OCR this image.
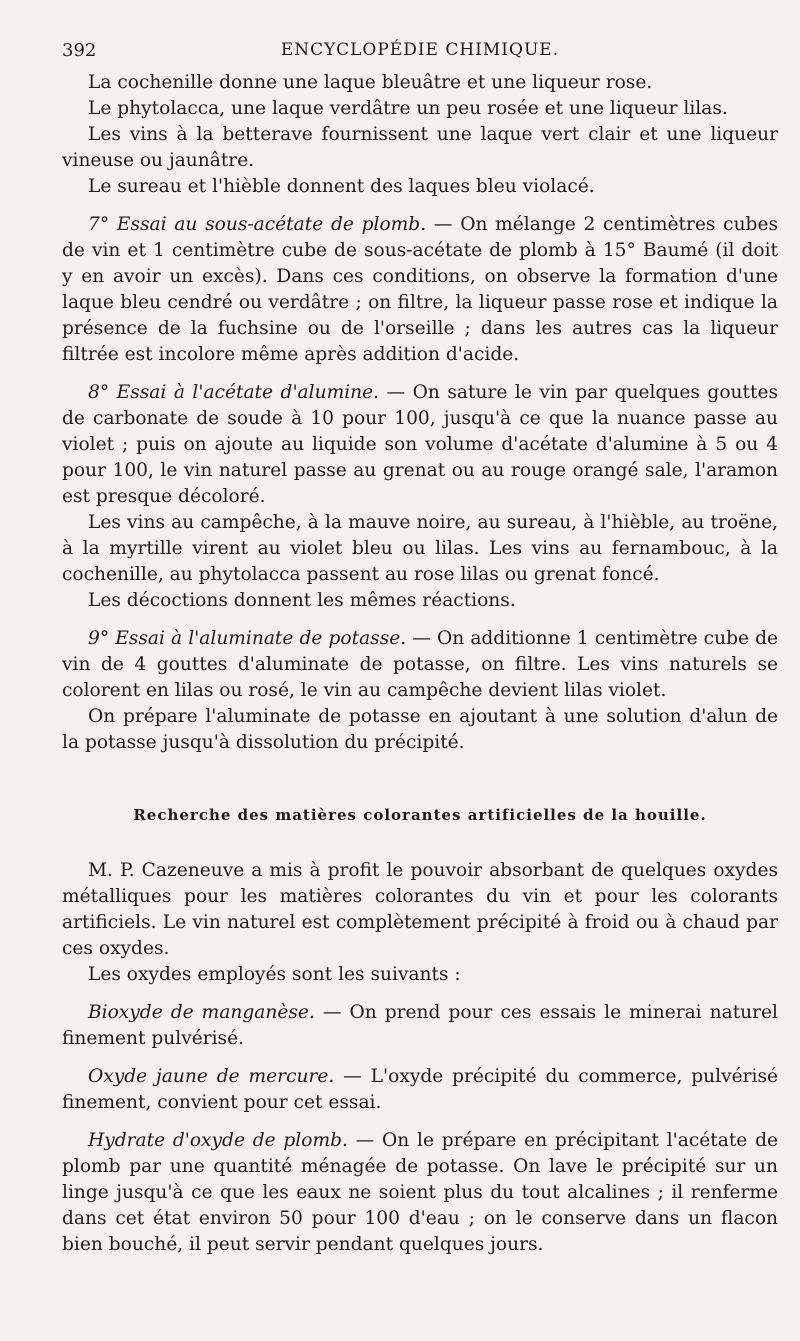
392	ENCYCLOPÉDIE CHIMIQUE.

La cochenille donne une laque bleuâtre et une liqueur rose.

Le phytolacca, une laque verdâtre un peu rosée et une liqueur lilas.

Les vins à la betterave fournissent une laque vert clair et une liqueur vineuse ou jaunâtre.

Le sureau et l'hièble donnent des laques bleu violacé.

7° Essai au sous-acétate de plomb. — On mélange 2 centimètres cubes de vin et 1 centimètre cube de sous-acétate de plomb à 15° Baumé (il doit y en avoir un excès). Dans ces conditions, on observe la formation d'une laque bleu cendré ou verdâtre ; on filtre, la liqueur passe rose et indique la présence de la fuchsine ou de l'orseille ; dans les autres cas la liqueur filtrée est incolore même après addition d'acide.

8° Essai à l'acétate d'alumine. — On sature le vin par quelques gouttes de carbonate de soude à 10 pour 100, jusqu'à ce que la nuance passe au violet ; puis on ajoute au liquide son volume d'acétate d'alumine à 5 ou 4 pour 100, le vin naturel passe au grenat ou au rouge orangé sale, l'aramon est presque décoloré.

Les vins au campêche, à la mauve noire, au sureau, à l'hièble, au troëne, à la myrtille virent au violet bleu ou lilas. Les vins au fernambouc, à la cochenille, au phytolacca passent au rose lilas ou grenat foncé.

Les décoctions donnent les mêmes réactions.

9° Essai à l'aluminate de potasse. — On additionne 1 centimètre cube de vin de 4 gouttes d'aluminate de potasse, on filtre. Les vins naturels se colorent en lilas ou rosé, le vin au campêche devient lilas violet.

On prépare l'aluminate de potasse en ajoutant à une solution d'alun de la potasse jusqu'à dissolution du précipité.

Recherche des matières colorantes artificielles de la houille.

M. P. Cazeneuve a mis à profit le pouvoir absorbant de quelques oxydes métalliques pour les matières colorantes du vin et pour les colorants artificiels. Le vin naturel est complètement précipité à froid ou à chaud par ces oxydes.

Les oxydes employés sont les suivants :

Bioxyde de manganèse. — On prend pour ces essais le minerai naturel finement pulvérisé.

Oxyde jaune de mercure. — L'oxyde précipité du commerce, pulvérisé finement, convient pour cet essai.

Hydrate d'oxyde de plomb. — On le prépare en précipitant l'acétate de plomb par une quantité ménagée de potasse. On lave le précipité sur un linge jusqu'à ce que les eaux ne soient plus du tout alcalines ; il renferme dans cet état environ 50 pour 100 d'eau ; on le conserve dans un flacon bien bouché, il peut servir pendant quelques jours.
